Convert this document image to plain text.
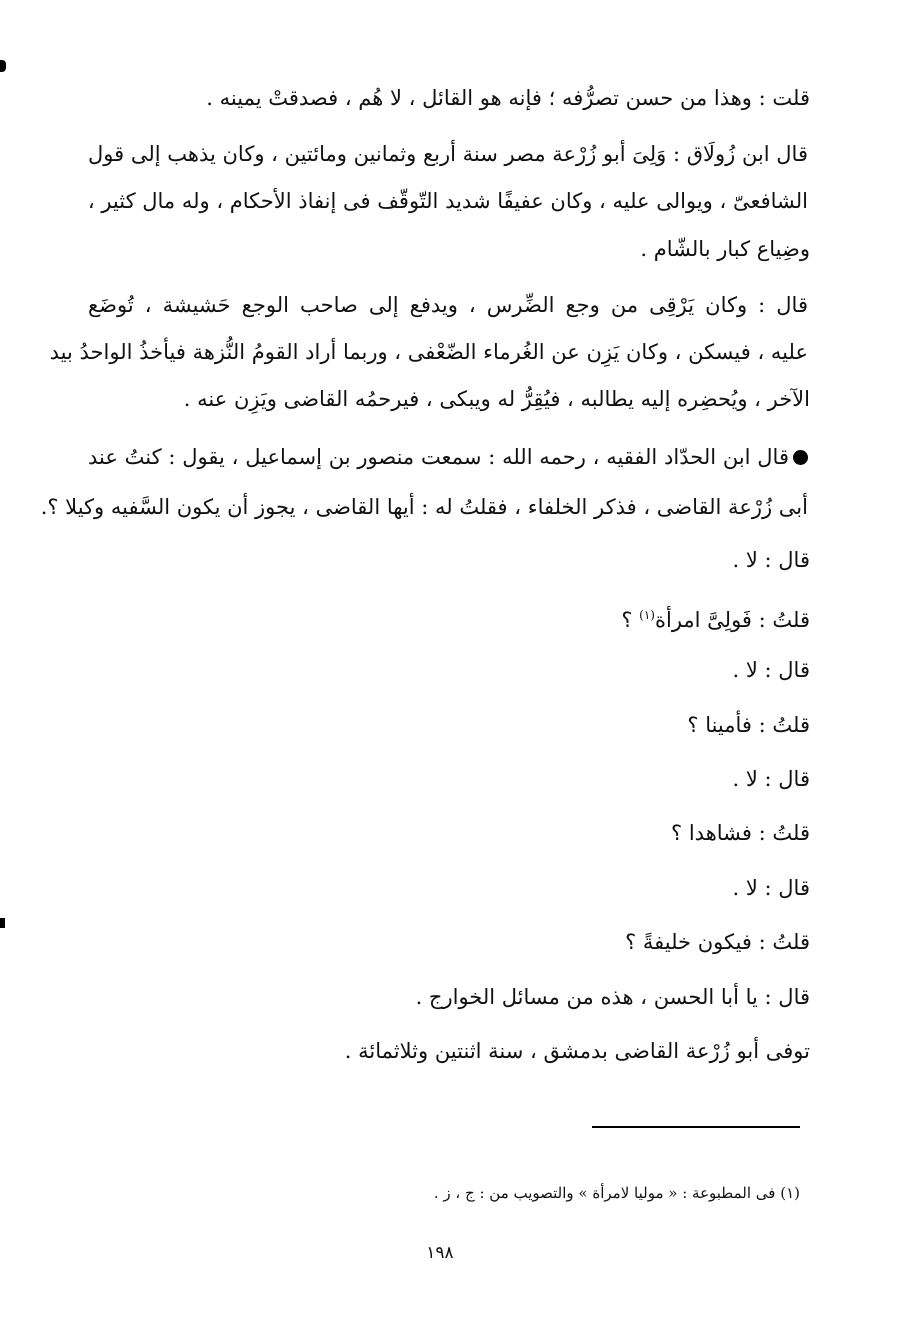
قلت : وهذا من حسن تصرُّفه ؛ فإنه هو القائل ، لا هُم ، فصدقتْ يمينه .
قال ابن زُولَاق : وَلِىَ أبو زُرْعة مصر سنة أربع وثمانين ومائتين ، وكان يذهب إلى قول
الشافعىّ ، ويوالى عليه ، وكان عفيفًا شديد التّوقّف فى إنفاذ الأحكام ، وله مال كثير ،
وضِياع كبار بالشّام .
قال : وكان يَرْقِى من وجع الضِّرس ، ويدفع إلى صاحب الوجع حَشيشة ، تُوضَع
عليه ، فيسكن ، وكان يَزِن عن الغُرماء الضّعْفى ، وربما أراد القومُ النُّزهة فيأخذُ الواحدُ بيد
الآخر ، ويُحضِره إليه يطالبه ، فيُقِرُّ له ويبكى ، فيرحمُه القاضى ويَزِن عنه .
قال ابن الحدّاد الفقيه ، رحمه الله : سمعت منصور بن إسماعيل ، يقول : كنتُ عند
أبى زُرْعة القاضى ، فذكر الخلفاء ، فقلتُ له : أيها القاضى ، يجوز أن يكون السَّفيه وكيلا ؟.
قال : لا .
قلتُ : فَولِىَّ امرأة$^{(١)}$ ؟
قال : لا .
قلتُ : فأمينا ؟
قال : لا .
قلتُ : فشاهدا ؟
قال : لا .
قلتُ : فيكون خليفةً ؟
قال : يا أبا الحسن ، هذه من مسائل الخوارج .
توفى أبو زُرْعة القاضى بدمشق ، سنة اثنتين وثلاثمائة .
(١) فى المطبوعة : « موليا لامرأة » والتصويب من : ج ، ز .
١٩٨
